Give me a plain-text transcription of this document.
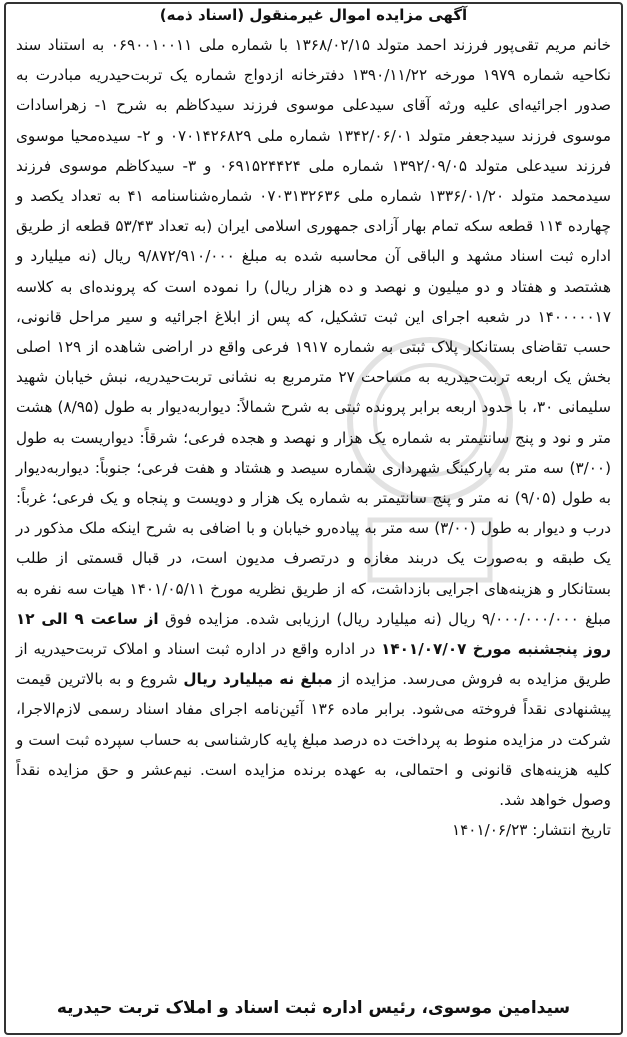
آگهی مزایده اموال غیرمنقول (اسناد ذمه)
خانم مریم تقی‌پور فرزند احمد متولد ۱۳۶۸/۰۲/۱۵ با شماره ملی ۰۶۹۰۰۱۰۰۱۱ به استناد سند نکاحیه شماره ۱۹۷۹ مورخه ۱۳۹۰/۱۱/۲۲ دفترخانه ازدواج شماره یک تربت‌حیدریه مبادرت به صدور اجرائیه‌ای علیه ورثه آقای سیدعلی موسوی فرزند سیدکاظم به شرح ۱- زهراسادات موسوی فرزند سیدجعفر متولد ۱۳۴۲/۰۶/۰۱ شماره ملی ۰۷۰۱۴۲۶۸۲۹ و ۲- سیده‌محیا موسوی فرزند سیدعلی متولد ۱۳۹۲/۰۹/۰۵ شماره ملی ۰۶۹۱۵۲۴۴۲۴ و ۳- سیدکاظم موسوی فرزند سیدمحمد متولد ۱۳۳۶/۰۱/۲۰ شماره ملی ۰۷۰۳۱۳۲۶۳۶ شماره‌شناسنامه ۴۱ به تعداد یکصد و چهارده ۱۱۴ قطعه سکه تمام بهار آزادی جمهوری اسلامی ایران (به تعداد ۵۳/۴۳ قطعه از طریق اداره ثبت اسناد مشهد و الباقی آن محاسبه شده به مبلغ ۹/۸۷۲/۹۱۰/۰۰۰ ریال (نه میلیارد و هشتصد و هفتاد و دو میلیون و نهصد و ده هزار ریال) را نموده است که پرونده‌ای به کلاسه ۱۴۰۰۰۰۰۱۷ در شعبه اجرای این ثبت تشکیل، که پس از ابلاغ اجرائیه و سیر مراحل قانونی، حسب تقاضای بستانکار پلاک ثبتی به شماره ۱۹۱۷ فرعی واقع در اراضی شاهده از ۱۲۹ اصلی بخش یک اربعه تربت‌حیدریه به مساحت ۲۷ مترمربع به نشانی تربت‌حیدریه، نبش خیابان شهید سلیمانی ۳۰، با حدود اربعه برابر پرونده ثبتی به شرح شمالاً: دیواربه‌دیوار به طول (۸/۹۵) هشت متر و نود و پنج سانتیمتر به شماره یک هزار و نهصد و هجده فرعی؛ شرقاً: دیواریست به طول (۳/۰۰) سه متر به پارکینگ شهرداری شماره سیصد و هشتاد و هفت فرعی؛ جنوباً: دیواربه‌دیوار به طول (۹/۰۵) نه متر و پنج سانتیمتر به شماره یک هزار و دویست و پنجاه و یک فرعی؛ غرباً: درب و دیوار به طول (۳/۰۰) سه متر به پیاده‌رو خیابان و با اضافی به شرح اینکه ملک مذکور در یک طبقه و به‌صورت یک دربند مغازه و درتصرف مدیون است، در قبال قسمتی از طلب بستانکار و هزینه‌های اجرایی بازداشت، که از طریق نظریه مورخ ۱۴۰۱/۰۵/۱۱ هیات سه نفره به مبلغ ۹/۰۰۰/۰۰۰/۰۰۰ ریال (نه میلیارد ریال) ارزیابی شده. مزایده فوق از ساعت ۹ الی ۱۲ روز پنجشنبه مورخ ۱۴۰۱/۰۷/۰۷ در اداره واقع در اداره ثبت اسناد و املاک تربت‌حیدریه از طریق مزایده به فروش می‌رسد. مزایده از مبلغ نه میلیارد ریال شروع و به بالاترین قیمت پیشنهادی نقداً فروخته می‌شود. برابر ماده ۱۳۶ آئین‌نامه اجرای مفاد اسناد رسمی لازم‌الاجرا، شرکت در مزایده منوط به پرداخت ده درصد مبلغ پایه کارشناسی به حساب سپرده ثبت است و کلیه هزینه‌های قانونی و احتمالی، به عهده برنده مزایده است. نیم‌عشر و حق مزایده نقداً وصول خواهد شد.
تاریخ انتشار: ۱۴۰۱/۰۶/۲۳
سیدامین موسوی، رئیس اداره ثبت اسناد و املاک تربت حیدریه
